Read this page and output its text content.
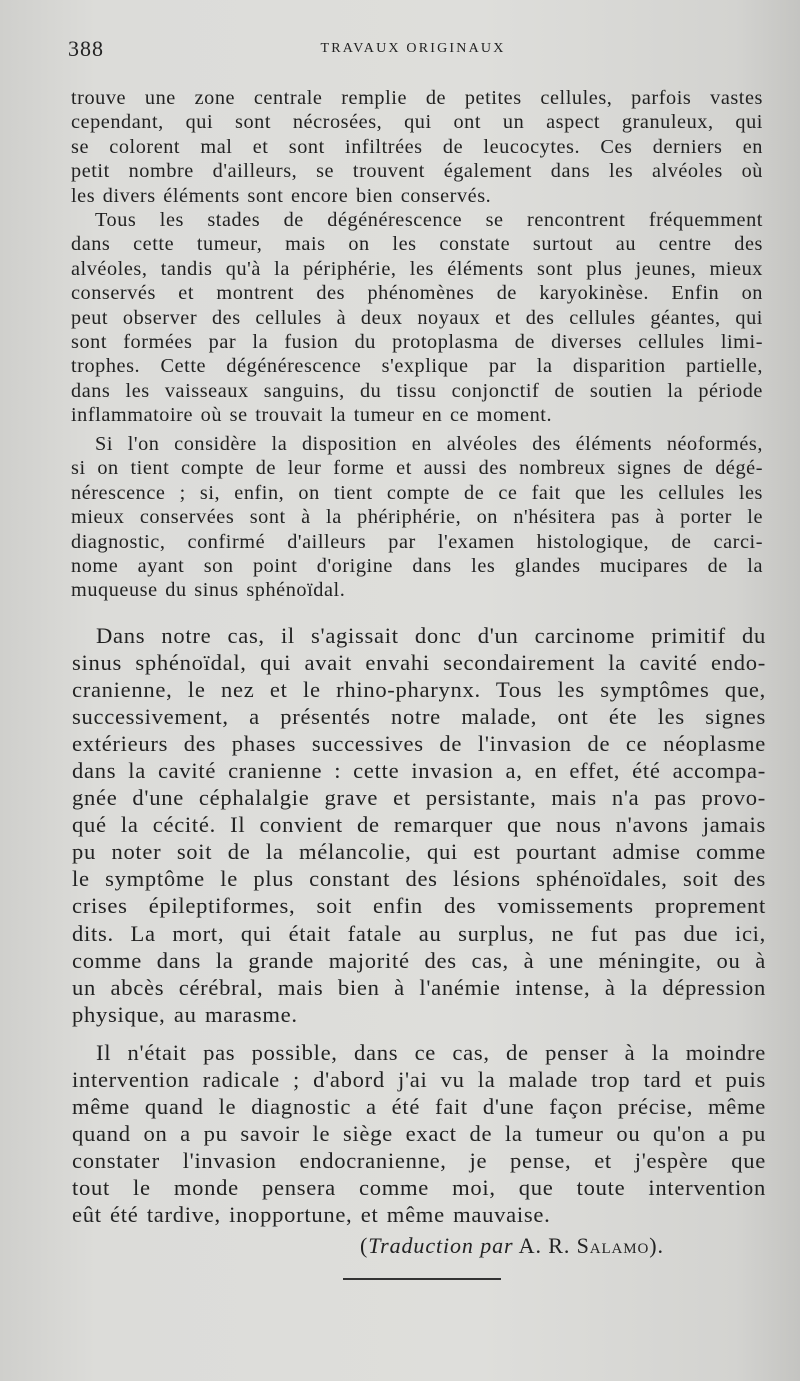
388	TRAVAUX ORIGINAUX

trouve une zone centrale remplie de petites cellules, parfois vastes
cependant, qui sont nécrosées, qui ont un aspect granuleux, qui
se colorent mal et sont infiltrées de leucocytes. Ces derniers en
petit nombre d'ailleurs, se trouvent également dans les alvéoles où
les divers éléments sont encore bien conservés.

Tous les stades de dégénérescence se rencontrent fréquemment
dans cette tumeur, mais on les constate surtout au centre des
alvéoles, tandis qu'à la périphérie, les éléments sont plus jeunes, mieux
conservés et montrent des phénomènes de karyokinèse. Enfin on
peut observer des cellules à deux noyaux et des cellules géantes, qui
sont formées par la fusion du protoplasma de diverses cellules limi-
trophes. Cette dégénérescence s'explique par la disparition partielle,
dans les vaisseaux sanguins, du tissu conjonctif de soutien la période
inflammatoire où se trouvait la tumeur en ce moment.

Si l'on considère la disposition en alvéoles des éléments néoformés,
si on tient compte de leur forme et aussi des nombreux signes de dégé-
nérescence ; si, enfin, on tient compte de ce fait que les cellules les
mieux conservées sont à la phériphérie, on n'hésitera pas à porter le
diagnostic, confirmé d'ailleurs par l'examen histologique, de carci-
nome ayant son point d'origine dans les glandes mucipares de la
muqueuse du sinus sphénoïdal.

Dans notre cas, il s'agissait donc d'un carcinome primitif du
sinus sphénoïdal, qui avait envahi secondairement la cavité endo-
cranienne, le nez et le rhino-pharynx. Tous les symptômes que,
successivement, a présentés notre malade, ont éte les signes
extérieurs des phases successives de l'invasion de ce néoplasme
dans la cavité cranienne : cette invasion a, en effet, été accompa-
gnée d'une céphalalgie grave et persistante, mais n'a pas provo-
qué la cécité. Il convient de remarquer que nous n'avons jamais
pu noter soit de la mélancolie, qui est pourtant admise comme
le symptôme le plus constant des lésions sphénoïdales, soit des
crises épileptiformes, soit enfin des vomissements proprement
dits. La mort, qui était fatale au surplus, ne fut pas due ici,
comme dans la grande majorité des cas, à une méningite, ou à
un abcès cérébral, mais bien à l'anémie intense, à la dépression
physique, au marasme.

Il n'était pas possible, dans ce cas, de penser à la moindre
intervention radicale ; d'abord j'ai vu la malade trop tard et puis
même quand le diagnostic a été fait d'une façon précise, même
quand on a pu savoir le siège exact de la tumeur ou qu'on a pu
constater l'invasion endocranienne, je pense, et j'espère que
tout le monde pensera comme moi, que toute intervention
eût été tardive, inopportune, et même mauvaise.

(Traduction par A. R. Salamo).
